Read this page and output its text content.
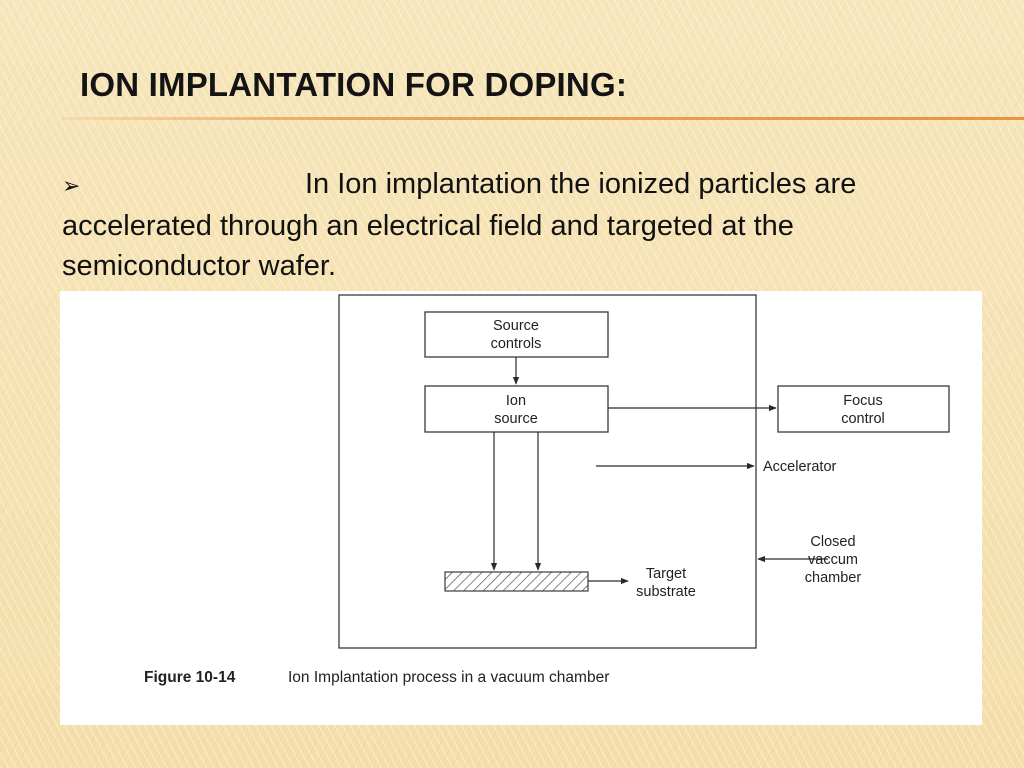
ION IMPLANTATION FOR DOPING:

➢	In Ion implantation the ionized particles are accelerated through an electrical field and targeted at the semiconductor wafer.

Source
controls
Ion
source
Focus
control
Accelerator
Closed
vaccum
chamber
Target
substrate
Figure 10-14	Ion Implantation process in a vacuum chamber
